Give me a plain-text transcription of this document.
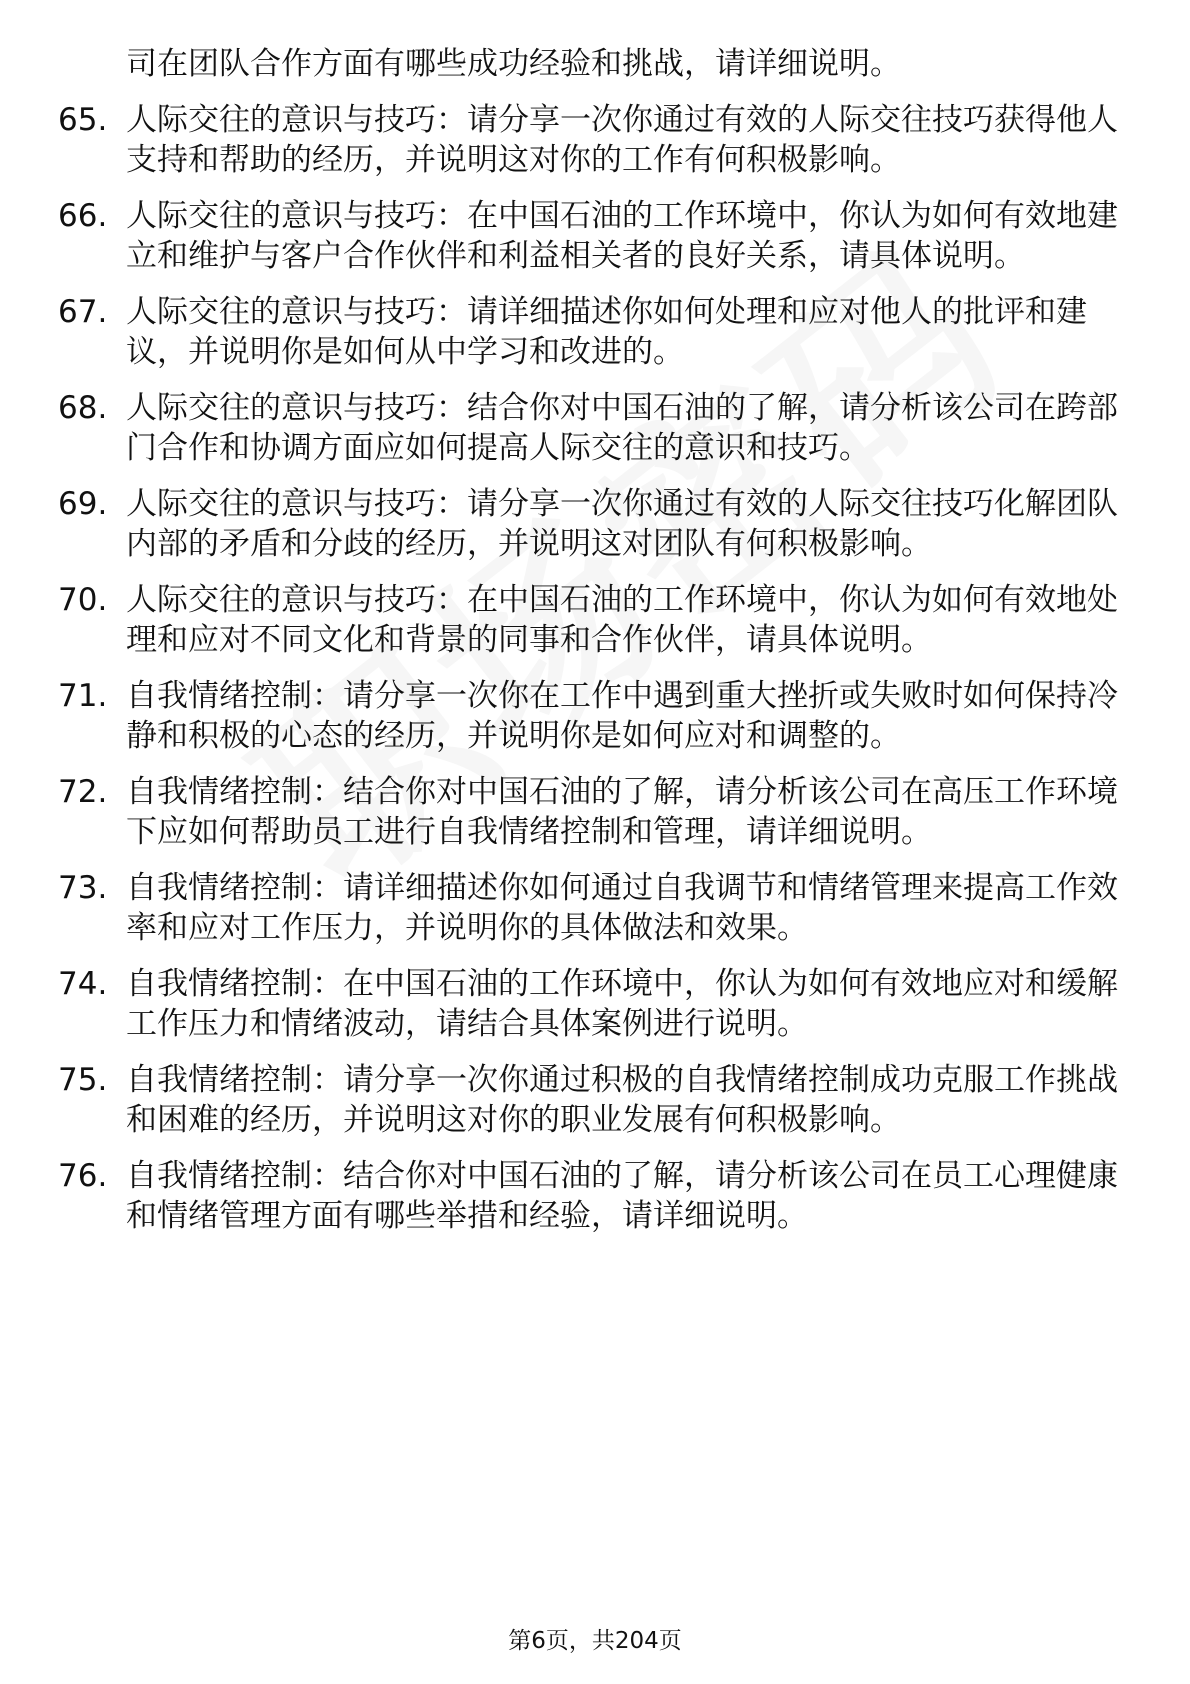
司在团队合作方面有哪些成功经验和挑战，请详细说明。

65. 人际交往的意识与技巧：请分享一次你通过有效的人际交往技巧获得他人支持和帮助的经历，并说明这对你的工作有何积极影响。
66. 人际交往的意识与技巧：在中国石油的工作环境中，你认为如何有效地建立和维护与客户合作伙伴和利益相关者的良好关系，请具体说明。
67. 人际交往的意识与技巧：请详细描述你如何处理和应对他人的批评和建议，并说明你是如何从中学习和改进的。
68. 人际交往的意识与技巧：结合你对中国石油的了解，请分析该公司在跨部门合作和协调方面应如何提高人际交往的意识和技巧。
69. 人际交往的意识与技巧：请分享一次你通过有效的人际交往技巧化解团队内部的矛盾和分歧的经历，并说明这对团队有何积极影响。
70. 人际交往的意识与技巧：在中国石油的工作环境中，你认为如何有效地处理和应对不同文化和背景的同事和合作伙伴，请具体说明。
71. 自我情绪控制：请分享一次你在工作中遇到重大挫折或失败时如何保持冷静和积极的心态的经历，并说明你是如何应对和调整的。
72. 自我情绪控制：结合你对中国石油的了解，请分析该公司在高压工作环境下应如何帮助员工进行自我情绪控制和管理，请详细说明。
73. 自我情绪控制：请详细描述你如何通过自我调节和情绪管理来提高工作效率和应对工作压力，并说明你的具体做法和效果。
74. 自我情绪控制：在中国石油的工作环境中，你认为如何有效地应对和缓解工作压力和情绪波动，请结合具体案例进行说明。
75. 自我情绪控制：请分享一次你通过积极的自我情绪控制成功克服工作挑战和困难的经历，并说明这对你的职业发展有何积极影响。
76. 自我情绪控制：结合你对中国石油的了解，请分析该公司在员工心理健康和情绪管理方面有哪些举措和经验，请详细说明。
第6页，共204页
